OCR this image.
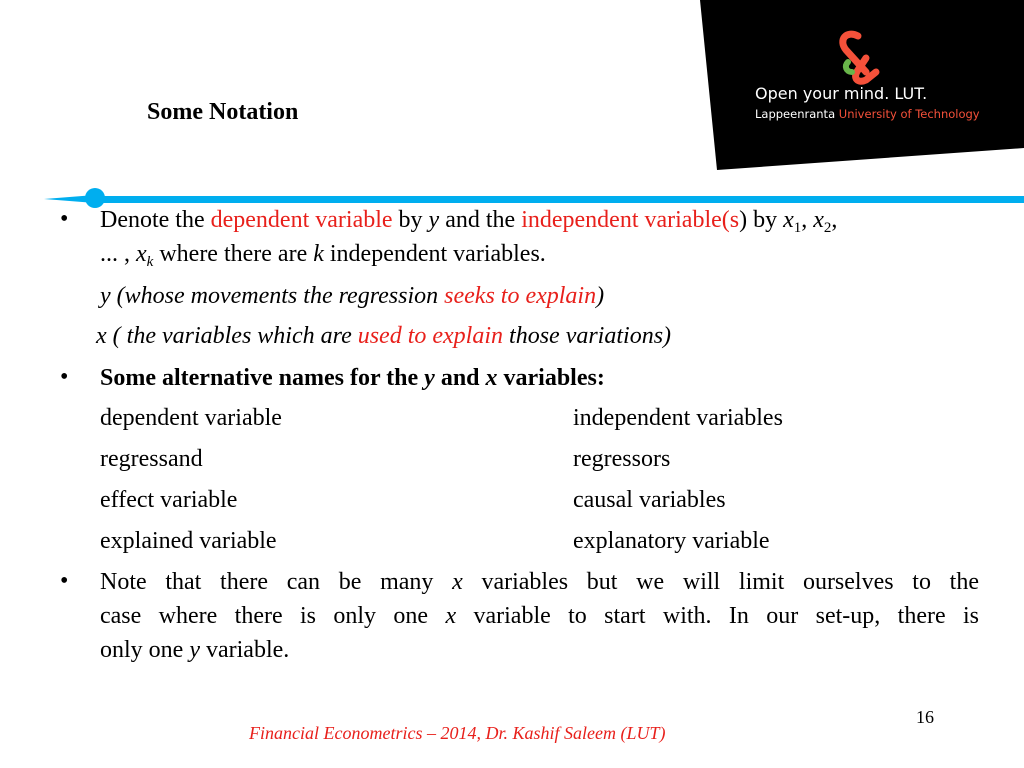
Open your mind. LUT.
Lappeenranta University of Technology
Some Notation
• Denote the dependent variable by y and the independent variable(s) by $x_1$, $x_2$,
... , $x_k$ where there are k independent variables.
y (whose movements the regression seeks to explain)
x ( the variables which are used to explain those variations)
• Some alternative names for the y and x variables:
dependent variable	independent variables
regressand	regressors
effect variable	causal variables
explained variable	explanatory variable
• Note that there can be many x variables but we will limit ourselves to the
case where there is only one x variable to start with. In our set-up, there is
only one y variable.
16
Financial Econometrics – 2014, Dr. Kashif Saleem (LUT)
